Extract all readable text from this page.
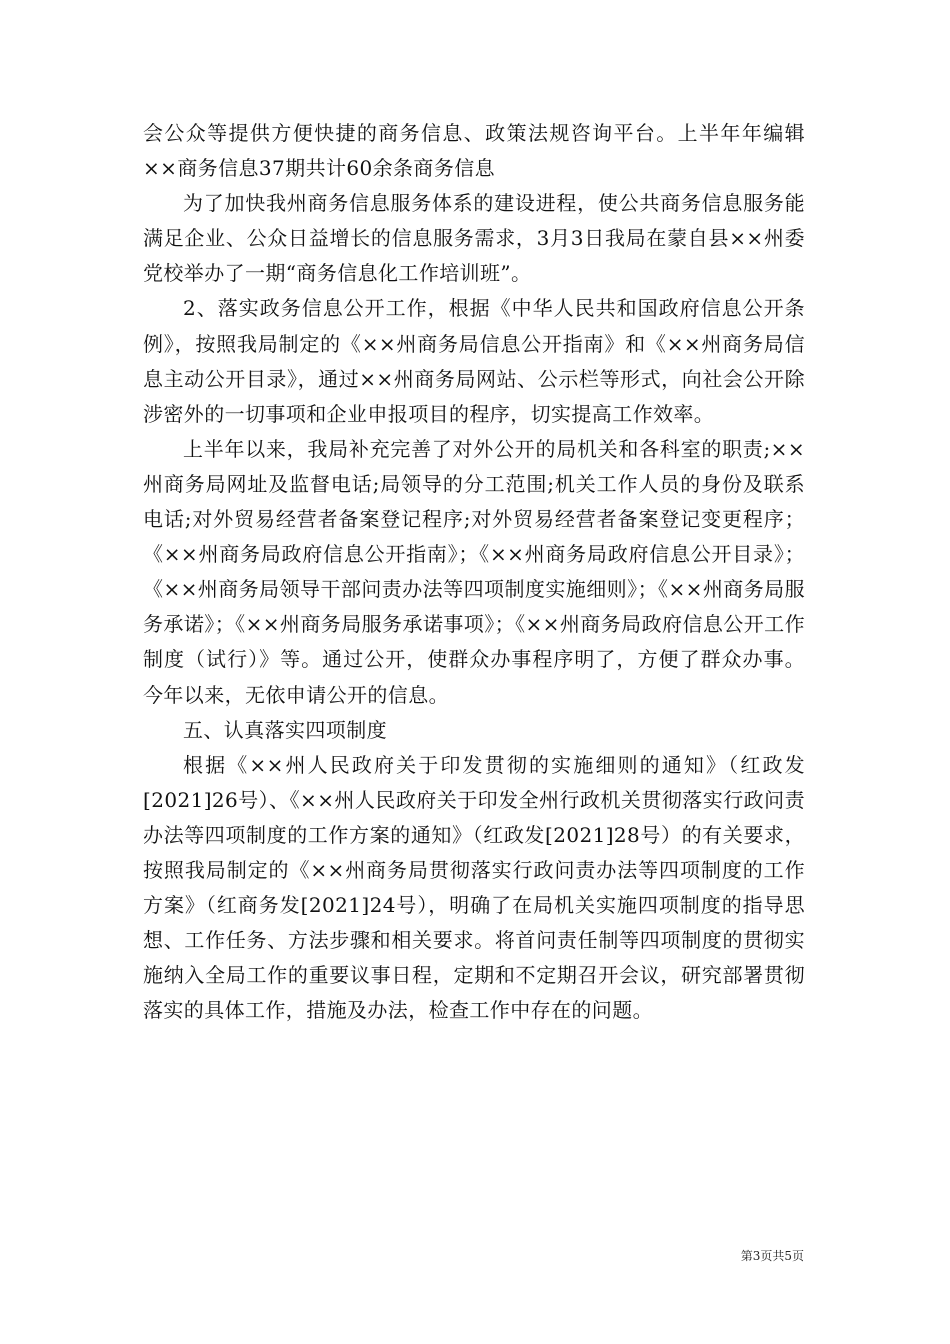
会公众等提供方便快捷的商务信息、政策法规咨询平台。上半年年编辑××商务信息37期共计60余条商务信息

为了加快我州商务信息服务体系的建设进程，使公共商务信息服务能满足企业、公众日益增长的信息服务需求，3月3日我局在蒙自县××州委党校举办了一期“商务信息化工作培训班”。

2、落实政务信息公开工作，根据《中华人民共和国政府信息公开条例》，按照我局制定的《××州商务局信息公开指南》和《××州商务局信息主动公开目录》，通过××州商务局网站、公示栏等形式，向社会公开除涉密外的一切事项和企业申报项目的程序，切实提高工作效率。

上半年以来，我局补充完善了对外公开的局机关和各科室的职责;××州商务局网址及监督电话;局领导的分工范围;机关工作人员的身份及联系电话;对外贸易经营者备案登记程序;对外贸易经营者备案登记变更程序；《××州商务局政府信息公开指南》；《××州商务局政府信息公开目录》；《××州商务局领导干部问责办法等四项制度实施细则》；《××州商务局服务承诺》；《××州商务局服务承诺事项》；《××州商务局政府信息公开工作制度（试行）》等。通过公开，使群众办事程序明了，方便了群众办事。今年以来，无依申请公开的信息。

五、认真落实四项制度

根据《××州人民政府关于印发贯彻的实施细则的通知》（红政发[2021]26号）、《××州人民政府关于印发全州行政机关贯彻落实行政问责办法等四项制度的工作方案的通知》（红政发[2021]28号）的有关要求，按照我局制定的《××州商务局贯彻落实行政问责办法等四项制度的工作方案》（红商务发[2021]24号），明确了在局机关实施四项制度的指导思想、工作任务、方法步骤和相关要求。将首问责任制等四项制度的贯彻实施纳入全局工作的重要议事日程，定期和不定期召开会议，研究部署贯彻落实的具体工作，措施及办法，检查工作中存在的问题。

第3页共5页
